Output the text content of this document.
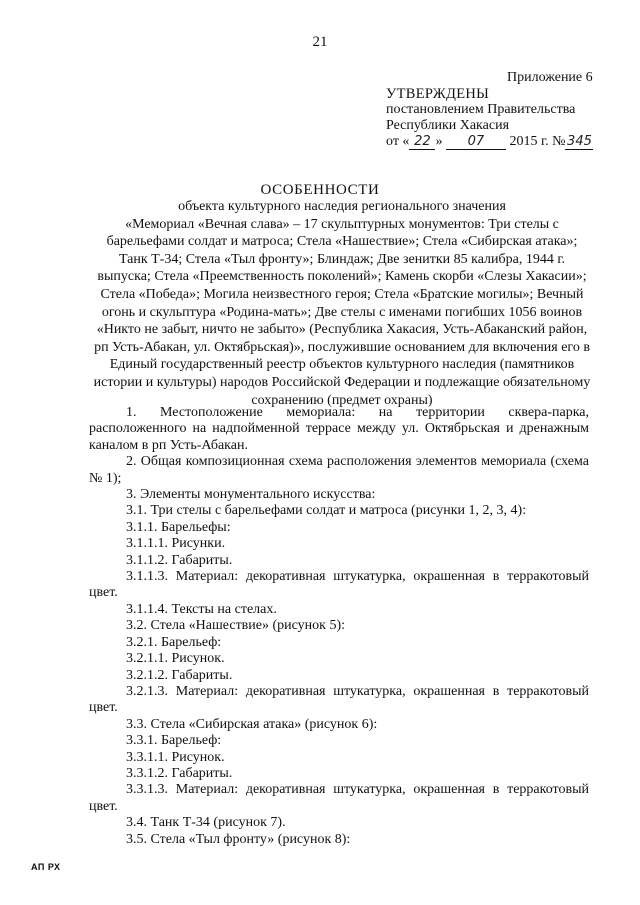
21
Приложение 6
УТВЕРЖДЕНЫ
постановлением Правительства
Республики Хакасия
от « 22 » 07 2015 г. № 345
ОСОБЕННОСТИ
объекта культурного наследия регионального значения
«Мемориал «Вечная слава» – 17 скульптурных монументов: Три стелы с
барельефами солдат и матроса; Стела «Нашествие»; Стела «Сибирская атака»;
Танк Т-34; Стела «Тыл фронту»; Блиндаж; Две зенитки 85 калибра, 1944 г.
выпуска; Стела «Преемственность поколений»; Камень скорби «Слезы Хакасии»;
Стела «Победа»; Могила неизвестного героя; Стела «Братские могилы»; Вечный
огонь и скульптура «Родина-мать»; Две стелы с именами погибших 1056 воинов
«Никто не забыт, ничто не забыто» (Республика Хакасия, Усть-Абаканский район,
рп Усть-Абакан, ул. Октябрьская)», послужившие основанием для включения его в
Единый государственный реестр объектов культурного наследия (памятников
истории и культуры) народов Российской Федерации и подлежащие обязательному
сохранению (предмет охраны)

1. Местоположение мемориала: на территории сквера-парка, расположенного на надпойменной террасе между ул. Октябрьская и дренажным каналом в рп Усть-Абакан.

2. Общая композиционная схема расположения элементов мемориала (схема № 1);

3. Элементы монументального искусства:

3.1. Три стелы с барельефами солдат и матроса (рисунки 1, 2, 3, 4):

3.1.1. Барельефы:

3.1.1.1. Рисунки.

3.1.1.2. Габариты.

3.1.1.3. Материал: декоративная штукатурка, окрашенная в терракотовый цвет.

3.1.1.4. Тексты на стелах.

3.2. Стела «Нашествие» (рисунок 5):

3.2.1. Барельеф:

3.2.1.1. Рисунок.

3.2.1.2. Габариты.

3.2.1.3. Материал: декоративная штукатурка, окрашенная в терракотовый цвет.

3.3. Стела «Сибирская атака» (рисунок 6):

3.3.1. Барельеф:

3.3.1.1. Рисунок.

3.3.1.2. Габариты.

3.3.1.3. Материал: декоративная штукатурка, окрашенная в терракотовый цвет.

3.4. Танк Т-34 (рисунок 7).

3.5. Стела «Тыл фронту» (рисунок 8):

АП РХ
